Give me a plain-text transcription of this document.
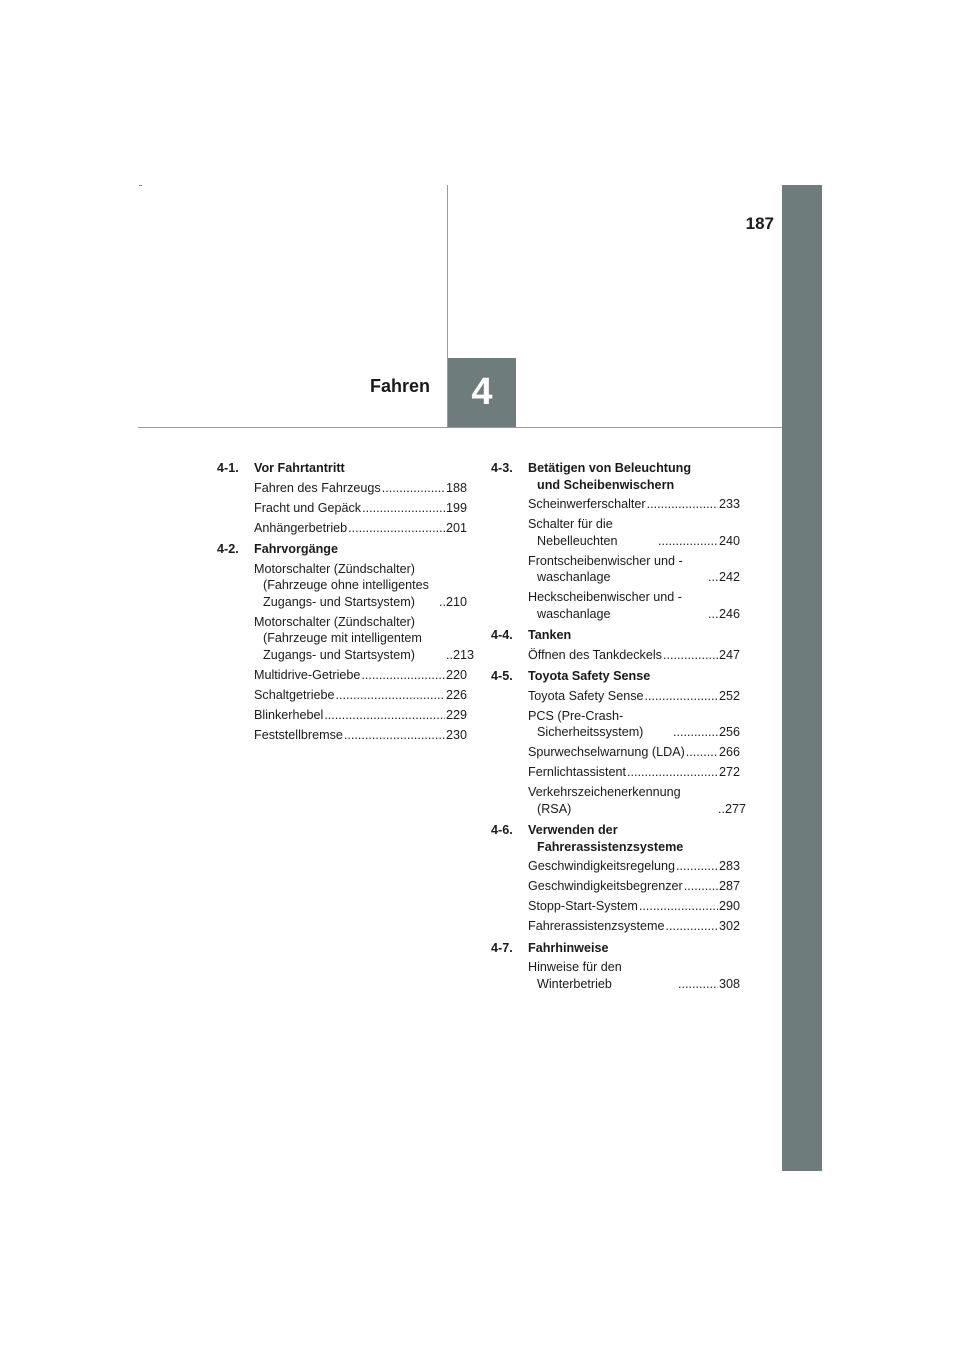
187
Fahren	4
4-1.	Vor Fahrtantritt
Fahren des Fahrzeugs .....	188
Fracht und Gepäck .....	199
Anhängerbetrieb .....	201
4-2.	Fahrvorgänge
Motorschalter (Zündschalter) (Fahrzeuge ohne intelligentes Zugangs- und Startsystem) .....	210
Motorschalter (Zündschalter) (Fahrzeuge mit intelligentem Zugangs- und Startsystem) .....	213
Multidrive-Getriebe .....	220
Schaltgetriebe .....	226
Blinkerhebel .....	229
Feststellbremse .....	230
4-3.	Betätigen von Beleuchtung und Scheibenwischern
Scheinwerferschalter .....	233
Schalter für die Nebelleuchten .....	240
Frontscheibenwischer und -waschanlage .....	242
Heckscheibenwischer und -waschanlage .....	246
4-4.	Tanken
Öffnen des Tankdeckels .....	247
4-5.	Toyota Safety Sense
Toyota Safety Sense .....	252
PCS (Pre-Crash-Sicherheitssystem) .....	256
Spurwechselwarnung (LDA) .....	266
Fernlichtassistent .....	272
Verkehrszeichenerkennung (RSA) .....	277
4-6.	Verwenden der Fahrerassistenzsysteme
Geschwindigkeitsregelung .....	283
Geschwindigkeitsbegrenzer .....	287
Stopp-Start-System .....	290
Fahrerassistenzsysteme .....	302
4-7.	Fahrhinweise
Hinweise für den Winterbetrieb .....	308
